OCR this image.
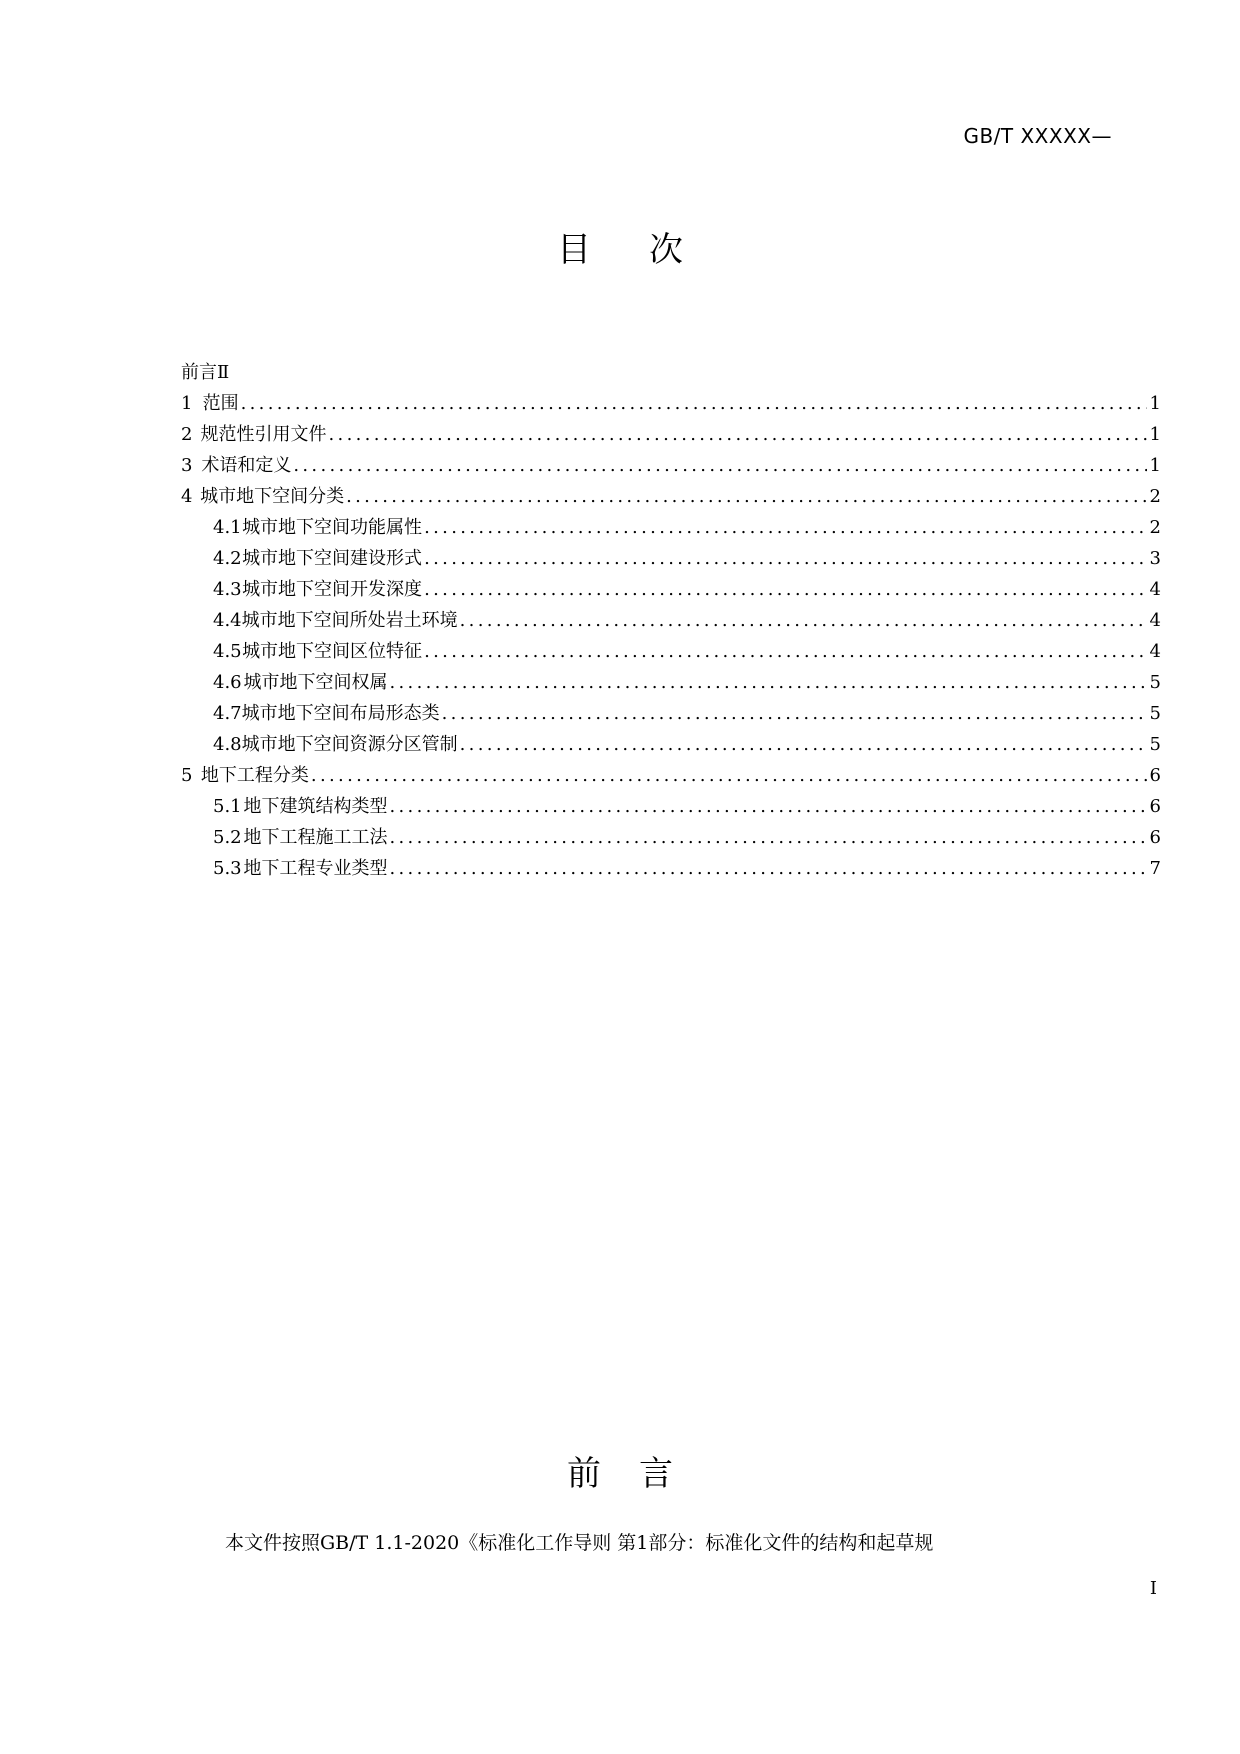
GB/T XXXXX—
目 次
前言Ⅱ
1 范围 . . .	1
2 规范性引用文件 . . .	1
3 术语和定义 . . .	1
4 城市地下空间分类 . . .	2
4.1 城市地下空间功能属性 . . .	2
4.2 城市地下空间建设形式 . . .	3
4.3 城市地下空间开发深度 . . .	4
4.4 城市地下空间所处岩土环境 . . .	4
4.5 城市地下空间区位特征 . . .	4
4.6 城市地下空间权属 . . .	5
4.7 城市地下空间布局形态类 . . .	5
4.8 城市地下空间资源分区管制 . . .	5
5 地下工程分类 . . .	6
5.1 地下建筑结构类型 . . .	6
5.2 地下工程施工工法 . . .	6
5.3 地下工程专业类型 . . .	7
前 言
本文件按照GB/T 1.1-2020《标准化工作导则 第1部分：标准化文件的结构和起草规
I
